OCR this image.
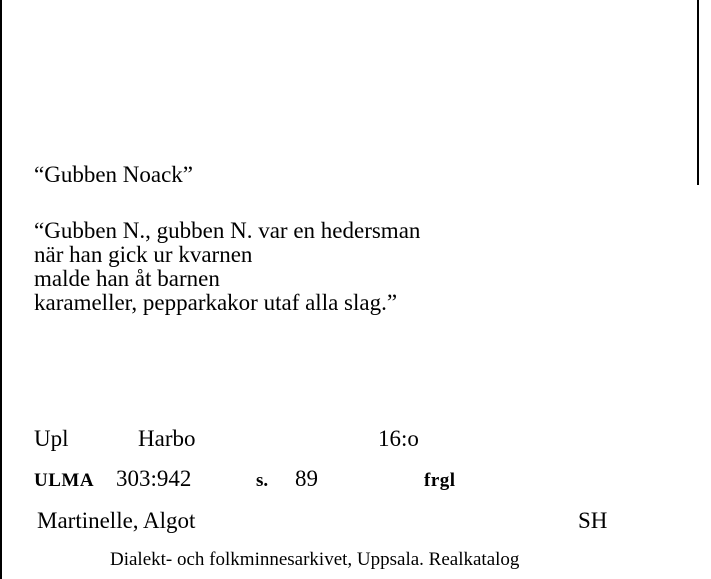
“Gubben Noack”
“Gubben N., gubben N. var en hedersman
när han gick ur kvarnen
malde han åt barnen
karameller, pepparkakor utaf alla slag.”
Upl	Harbo	16:o
ULMA 303:942	s. 89	frgl
Martinelle, Algot	SH
Dialekt- och folkminnesarkivet, Uppsala. Realkatalog
